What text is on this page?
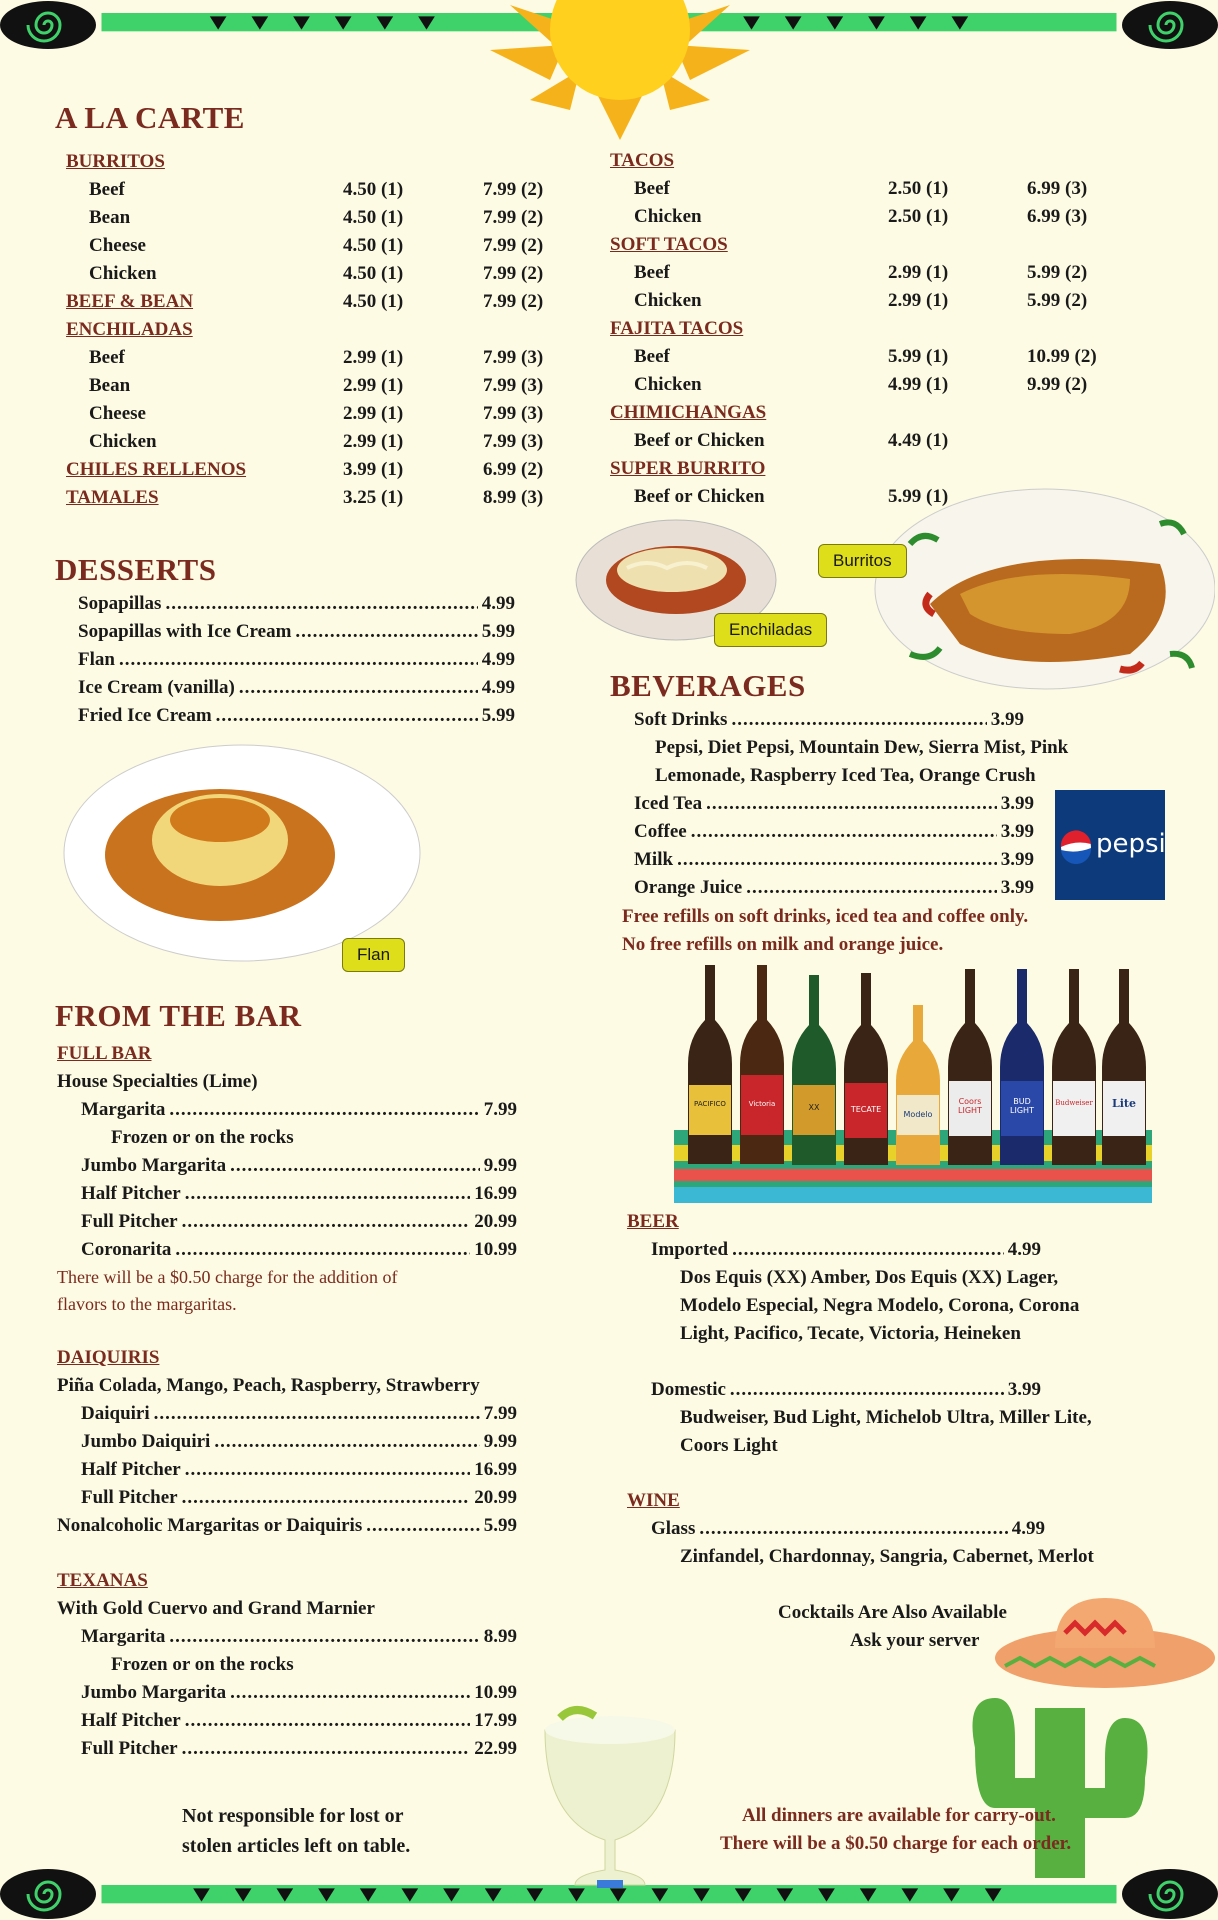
A LA CARTE
BURRITOS
Beef	4.50 (1)	7.99 (2)
Bean	4.50 (1)	7.99 (2)
Cheese	4.50 (1)	7.99 (2)
Chicken	4.50 (1)	7.99 (2)
BEEF & BEAN	4.50 (1)	7.99 (2)
ENCHILADAS
Beef	2.99 (1)	7.99 (3)
Bean	2.99 (1)	7.99 (3)
Cheese	2.99 (1)	7.99 (3)
Chicken	2.99 (1)	7.99 (3)
CHILES RELLENOS	3.99 (1)	6.99 (2)
TAMALES	3.25 (1)	8.99 (3)
TACOS
Beef	2.50 (1)	6.99 (3)
Chicken	2.50 (1)	6.99 (3)
SOFT TACOS
Beef	2.99 (1)	5.99 (2)
Chicken	2.99 (1)	5.99 (2)
FAJITA TACOS
Beef	5.99 (1)	10.99 (2)
Chicken	4.99 (1)	9.99 (2)
CHIMICHANGAS
Beef or Chicken	4.49 (1)
SUPER BURRITO
Beef or Chicken	5.99 (1)
Enchiladas
Burritos
DESSERTS
Sopapillas .....	4.99
Sopapillas with Ice Cream .....	5.99
Flan .....	4.99
Ice Cream (vanilla) .....	4.99
Fried Ice Cream .....	5.99
Flan
BEVERAGES
Soft Drinks .....	3.99
Pepsi, Diet Pepsi, Mountain Dew, Sierra Mist, Pink
Lemonade, Raspberry Iced Tea, Orange Crush
Iced Tea .....	3.99
Coffee .....	3.99
Milk .....	3.99
Orange Juice .....	3.99
Free refills on soft drinks, iced tea and coffee only.
No free refills on milk and orange juice.
pepsi
PACIFICO	Victoria	XX	TECATE
Modelo
Coors LIGHT
BUD LIGHT
Budweiser	Lite
BEER
Imported .....	4.99
Dos Equis (XX) Amber, Dos Equis (XX) Lager,
Modelo Especial, Negra Modelo, Corona, Corona
Light, Pacifico, Tecate, Victoria, Heineken
Domestic .....	3.99
Budweiser, Bud Light, Michelob Ultra, Miller Lite,
Coors Light
WINE
Glass .....	4.99
Zinfandel, Chardonnay, Sangria, Cabernet, Merlot
Cocktails Are Also Available
Ask your server
FROM THE BAR
FULL BAR
House Specialties (Lime)
Margarita .....	7.99
Frozen or on the rocks
Jumbo Margarita .....	9.99
Half Pitcher .....	16.99
Full Pitcher .....	20.99
Coronarita .....	10.99
There will be a $0.50 charge for the addition of
flavors to the margaritas.
DAIQUIRIS
Piña Colada, Mango, Peach, Raspberry, Strawberry
Daiquiri .....	7.99
Jumbo Daiquiri .....	9.99
Half Pitcher .....	16.99
Full Pitcher .....	20.99
Nonalcoholic Margaritas or Daiquiris .....	5.99
TEXANAS
With Gold Cuervo and Grand Marnier
Margarita .....	8.99
Frozen or on the rocks
Jumbo Margarita .....	10.99
Half Pitcher .....	17.99
Full Pitcher .....	22.99
Not responsible for lost or
stolen articles left on table.
All dinners are available for carry-out.
There will be a $0.50 charge for each order.
